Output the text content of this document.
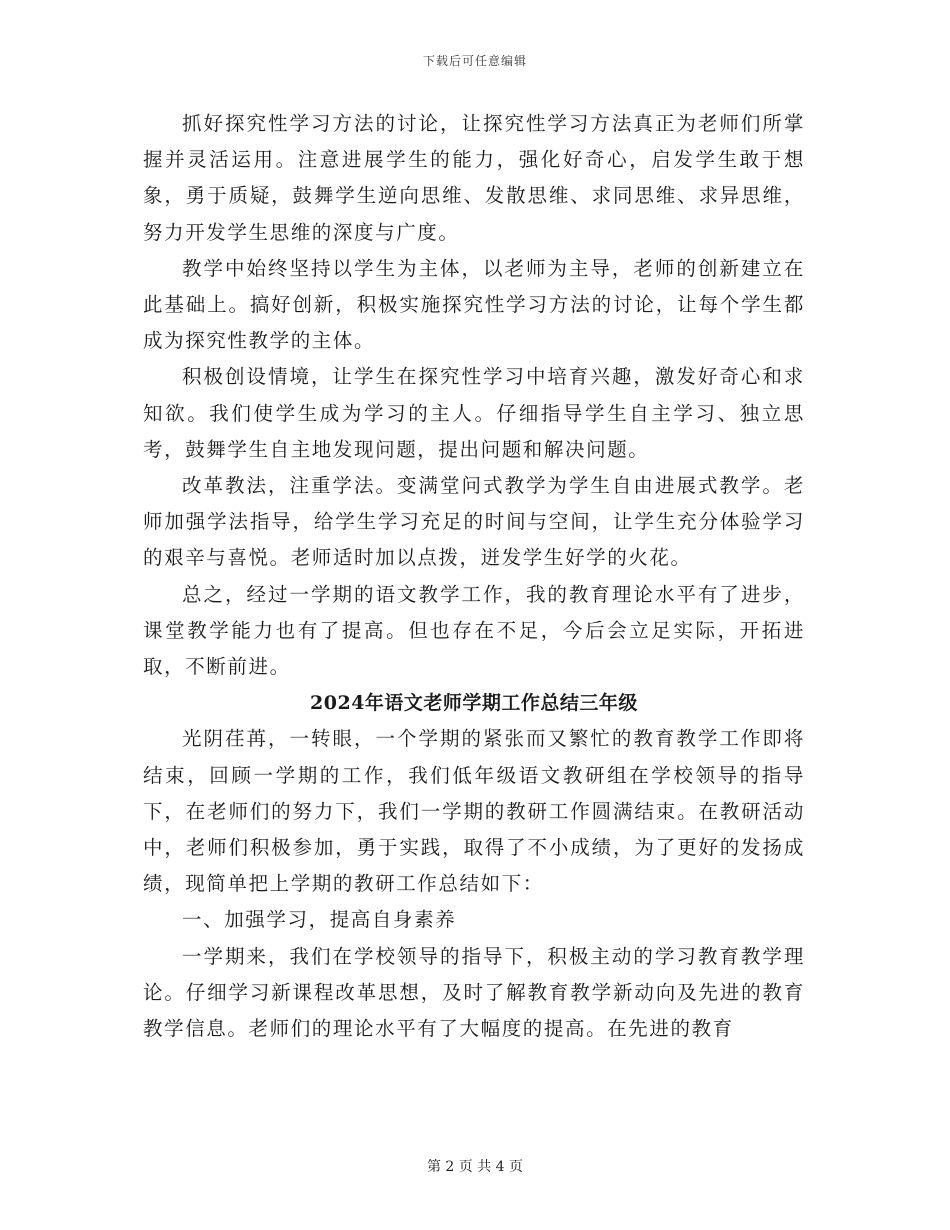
下载后可任意编辑

抓好探究性学习方法的讨论，让探究性学习方法真正为老师们所掌握并灵活运用。注意进展学生的能力，强化好奇心，启发学生敢于想象，勇于质疑，鼓舞学生逆向思维、发散思维、求同思维、求异思维，努力开发学生思维的深度与广度。

教学中始终坚持以学生为主体，以老师为主导，老师的创新建立在此基础上。搞好创新，积极实施探究性学习方法的讨论，让每个学生都成为探究性教学的主体。

积极创设情境，让学生在探究性学习中培育兴趣，激发好奇心和求知欲。我们使学生成为学习的主人。仔细指导学生自主学习、独立思考，鼓舞学生自主地发现问题，提出问题和解决问题。

改革教法，注重学法。变满堂问式教学为学生自由进展式教学。老师加强学法指导，给学生学习充足的时间与空间，让学生充分体验学习的艰辛与喜悦。老师适时加以点拨，迸发学生好学的火花。

总之，经过一学期的语文教学工作，我的教育理论水平有了进步，课堂教学能力也有了提高。但也存在不足，今后会立足实际，开拓进取，不断前进。

2024年语文老师学期工作总结三年级

光阴荏苒，一转眼，一个学期的紧张而又繁忙的教育教学工作即将结束，回顾一学期的工作，我们低年级语文教研组在学校领导的指导下，在老师们的努力下，我们一学期的教研工作圆满结束。在教研活动中，老师们积极参加，勇于实践，取得了不小成绩，为了更好的发扬成绩，现简单把上学期的教研工作总结如下：

一、加强学习，提高自身素养

一学期来，我们在学校领导的指导下，积极主动的学习教育教学理论。仔细学习新课程改革思想，及时了解教育教学新动向及先进的教育教学信息。老师们的理论水平有了大幅度的提高。在先进的教育

第 2 页 共 4 页
